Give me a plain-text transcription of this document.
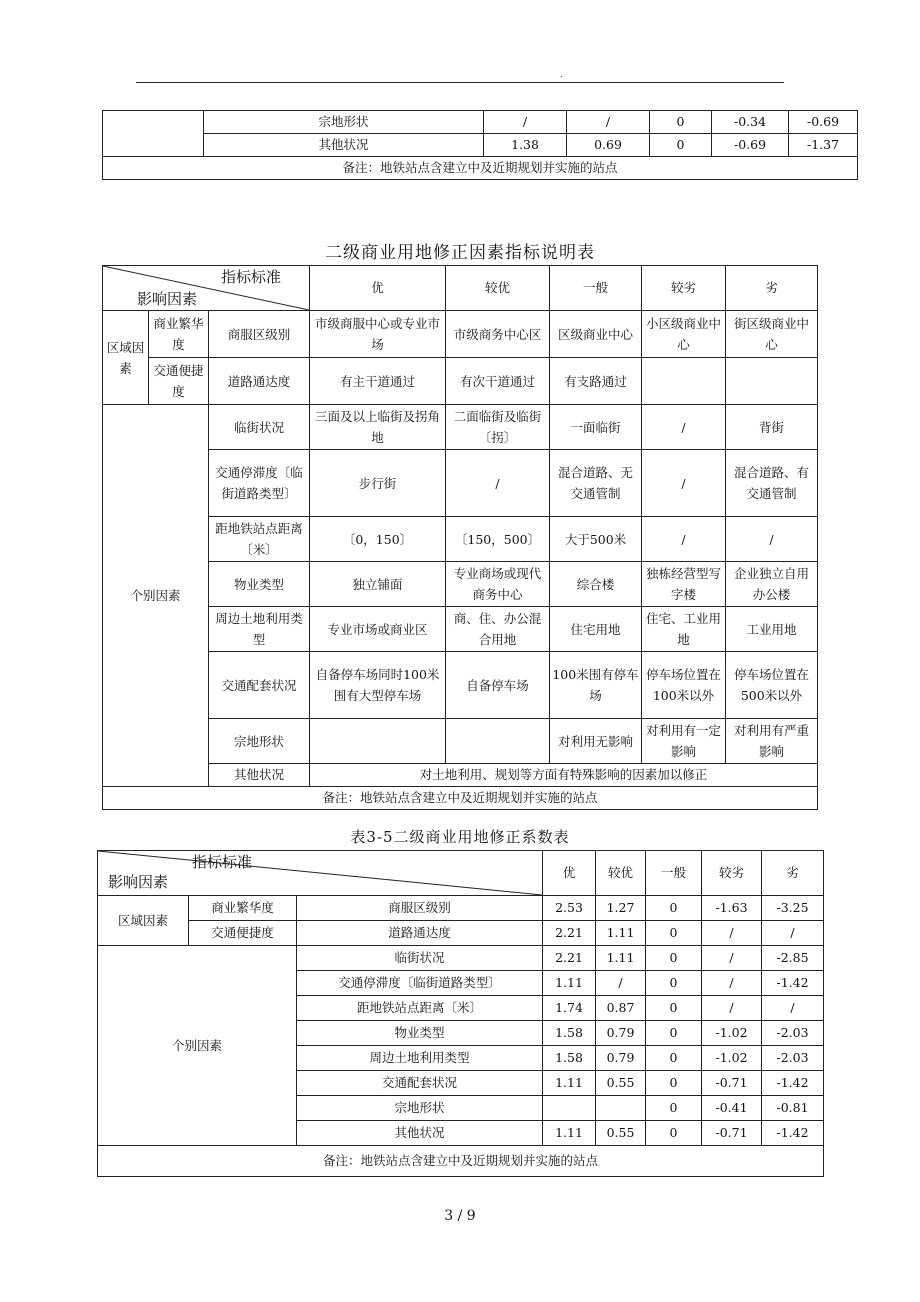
.
	宗地形状	/	/	0	-0.34	-0.69
	其他状况	1.38	0.69	0	-0.69	-1.37
备注：地铁站点含建立中及近期规划并实施的站点						
二级商业用地修正因素指标说明表
指标标准
影响因素			优	较优	一般	较劣	劣
区域因素	商业繁华度	商服区级别	市级商服中心或专业市场	市级商务中心区	区级商业中心	小区级商业中心	街区级商业中心
	交通便捷度	道路通达度	有主干道通过	有次干道通过	有支路通过		
个别因素		临街状况	三面及以上临街及拐角地	二面临街及临街〔拐〕	一面临街	/	背街
		交通停滞度〔临街道路类型〕	步行街	/	混合道路、无交通管制	/	混合道路、有交通管制
		距地铁站点距离〔米〕	〔0，150〕	〔150，500〕	大于500米	/	/
		物业类型	独立铺面	专业商场或现代商务中心	综合楼	独栋经营型写字楼	企业独立自用办公楼
		周边土地利用类型	专业市场或商业区	商、住、办公混合用地	住宅用地	住宅、工业用地	工业用地
		交通配套状况	自备停车场同时100米围有大型停车场	自备停车场	100米围有停车场	停车场位置在100米以外	停车场位置在500米以外
		宗地形状			对利用无影响	对利用有一定影响	对利用有严重影响
		其他状况	对土地利用、规划等方面有特殊影响的因素加以修正				
备注：地铁站点含建立中及近期规划并实施的站点							
表3-5二级商业用地修正系数表
指标标准
影响因素			优	较优	一般	较劣	劣
区域因素	商业繁华度	商服区级别	2.53	1.27	0	-1.63	-3.25
	交通便捷度	道路通达度	2.21	1.11	0	/	/
个别因素		临街状况	2.21	1.11	0	/	-2.85
		交通停滞度〔临街道路类型〕	1.11	/	0	/	-1.42
		距地铁站点距离〔米〕	1.74	0.87	0	/	/
		物业类型	1.58	0.79	0	-1.02	-2.03
		周边土地利用类型	1.58	0.79	0	-1.02	-2.03
		交通配套状况	1.11	0.55	0	-0.71	-1.42
		宗地形状			0	-0.41	-0.81
		其他状况	1.11	0.55	0	-0.71	-1.42
备注：地铁站点含建立中及近期规划并实施的站点							
3 / 9
